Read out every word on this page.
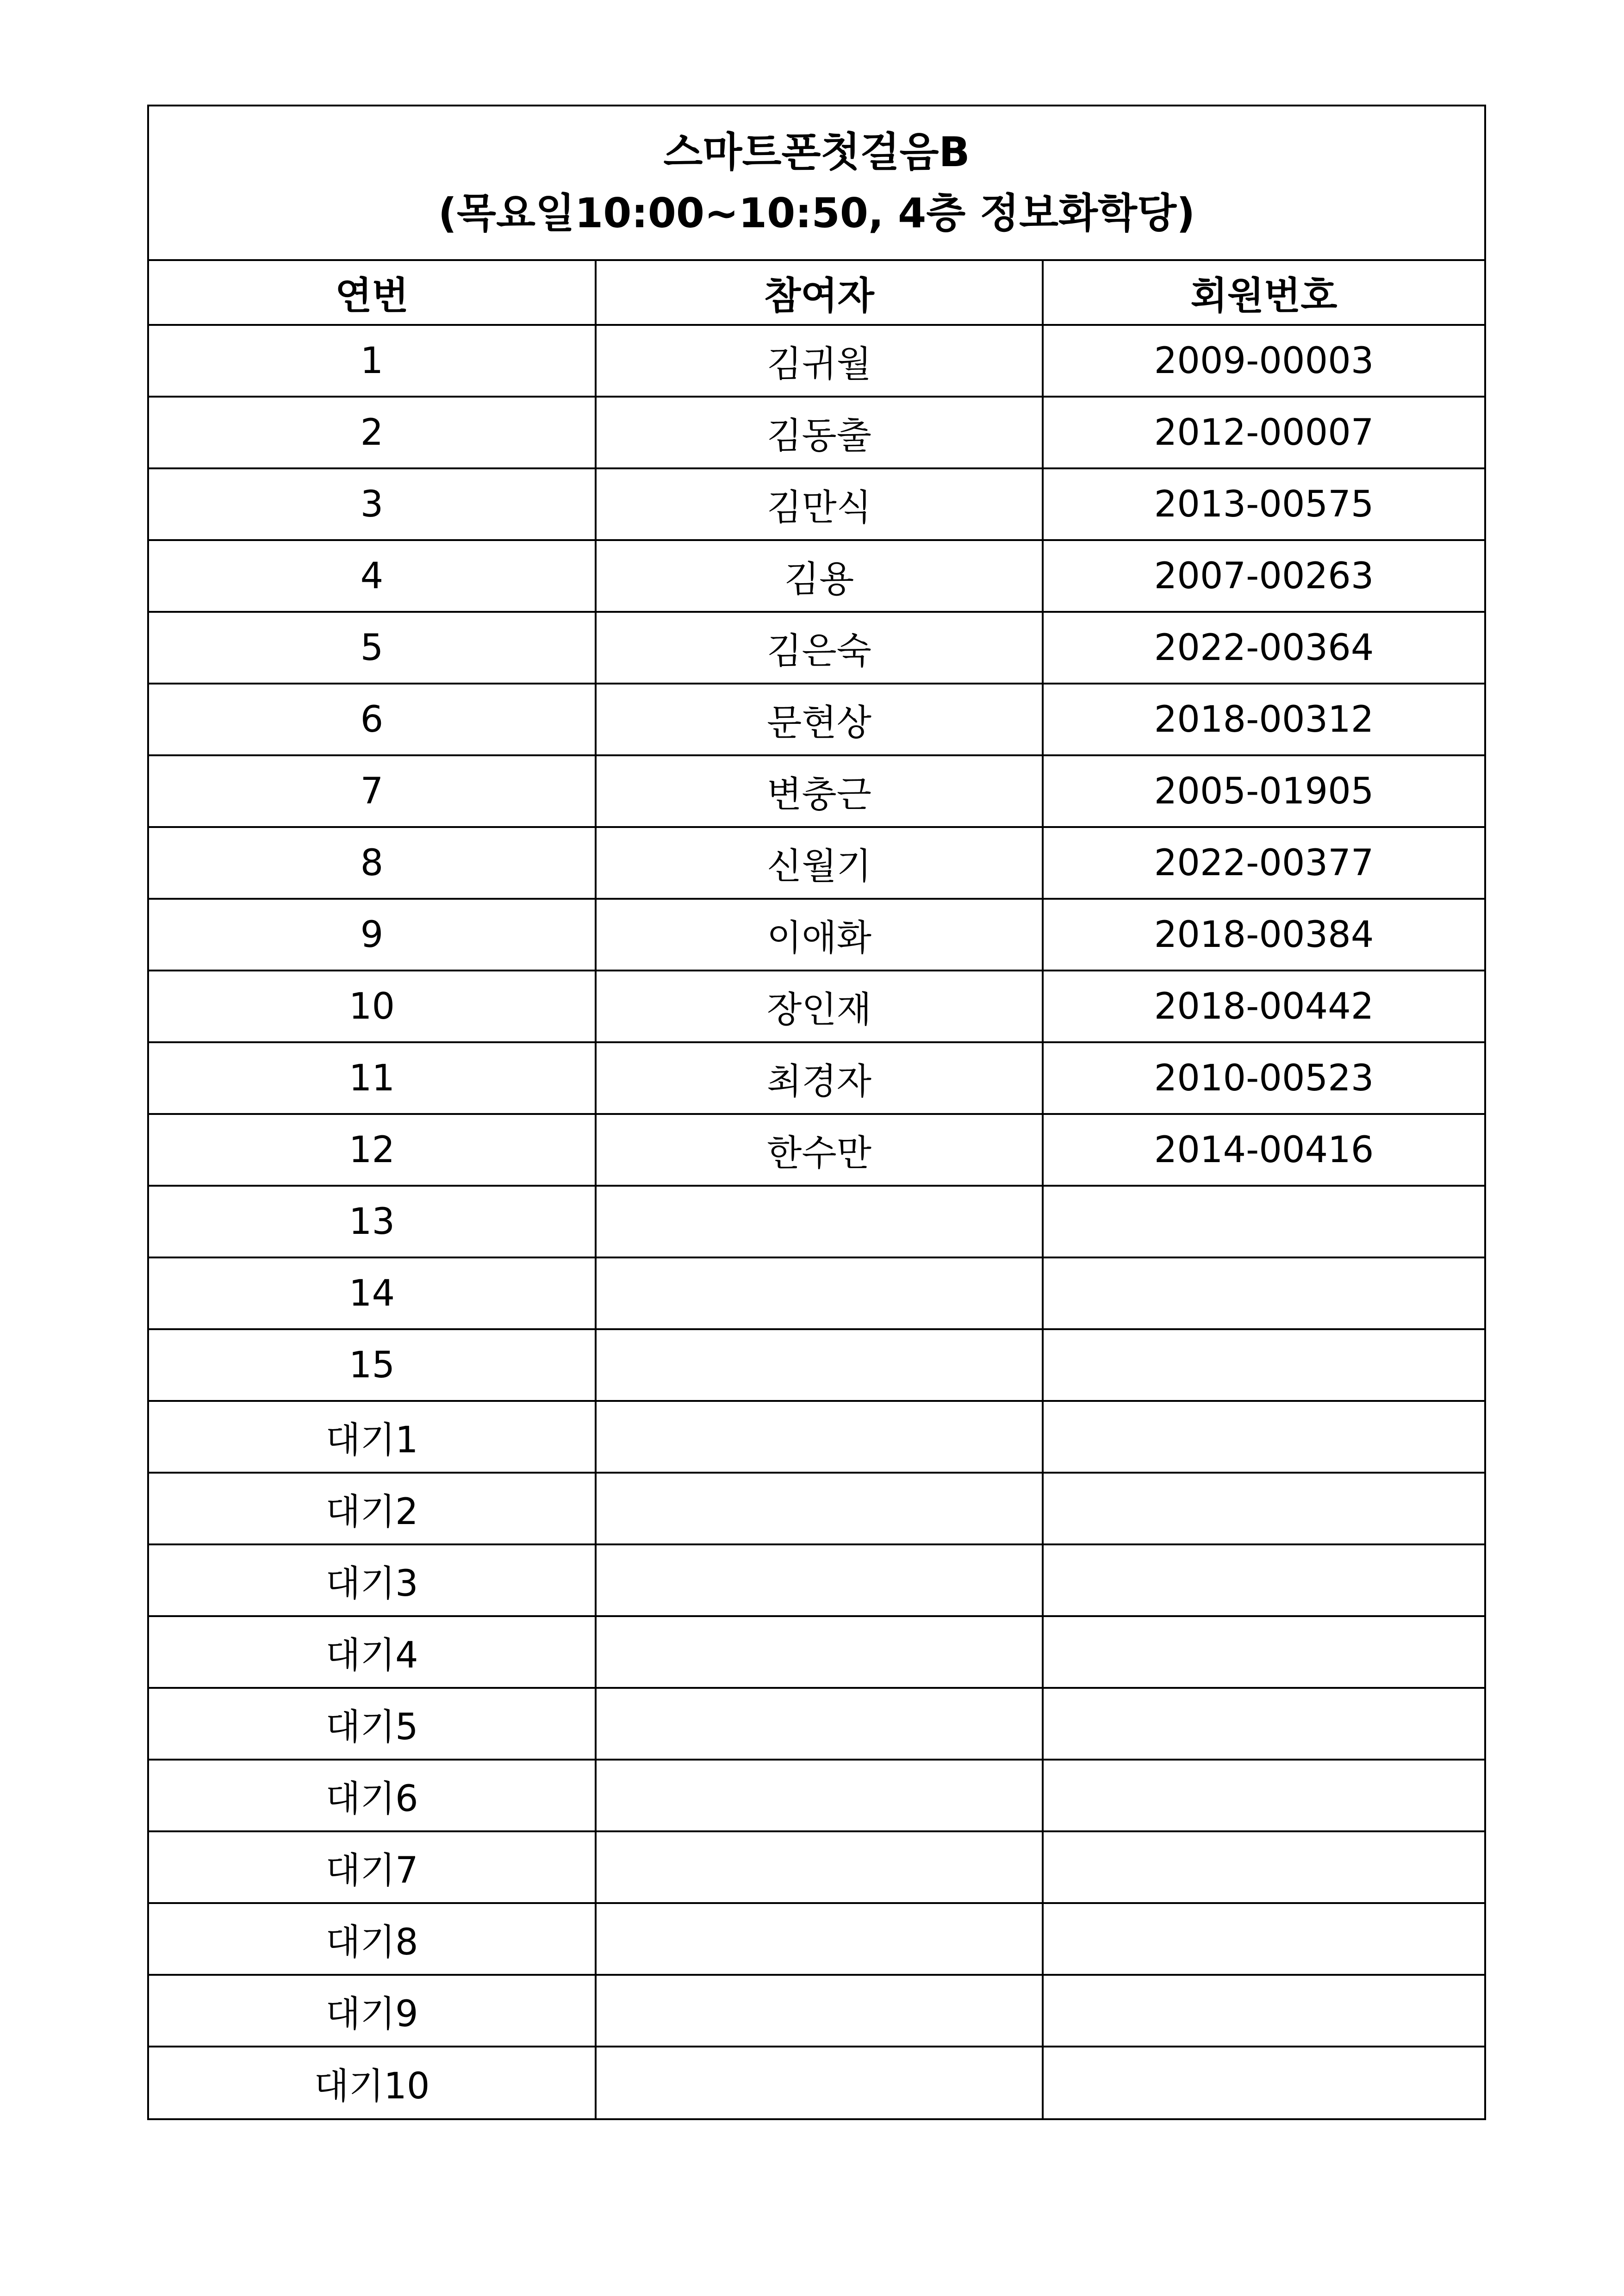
스마트폰첫걸음B
(목요일10:00~10:50, 4층 정보화학당)
연번	참여자	회원번호
1	김귀월	2009-00003
2	김동출	2012-00007
3	김만식	2013-00575
4	김용	2007-00263
5	김은숙	2022-00364
6	문현상	2018-00312
7	변충근	2005-01905
8	신월기	2022-00377
9	이애화	2018-00384
10	장인재	2018-00442
11	최경자	2010-00523
12	한수만	2014-00416
13		
14		
15		
대기1		
대기2		
대기3		
대기4		
대기5		
대기6		
대기7		
대기8		
대기9		
대기10		
